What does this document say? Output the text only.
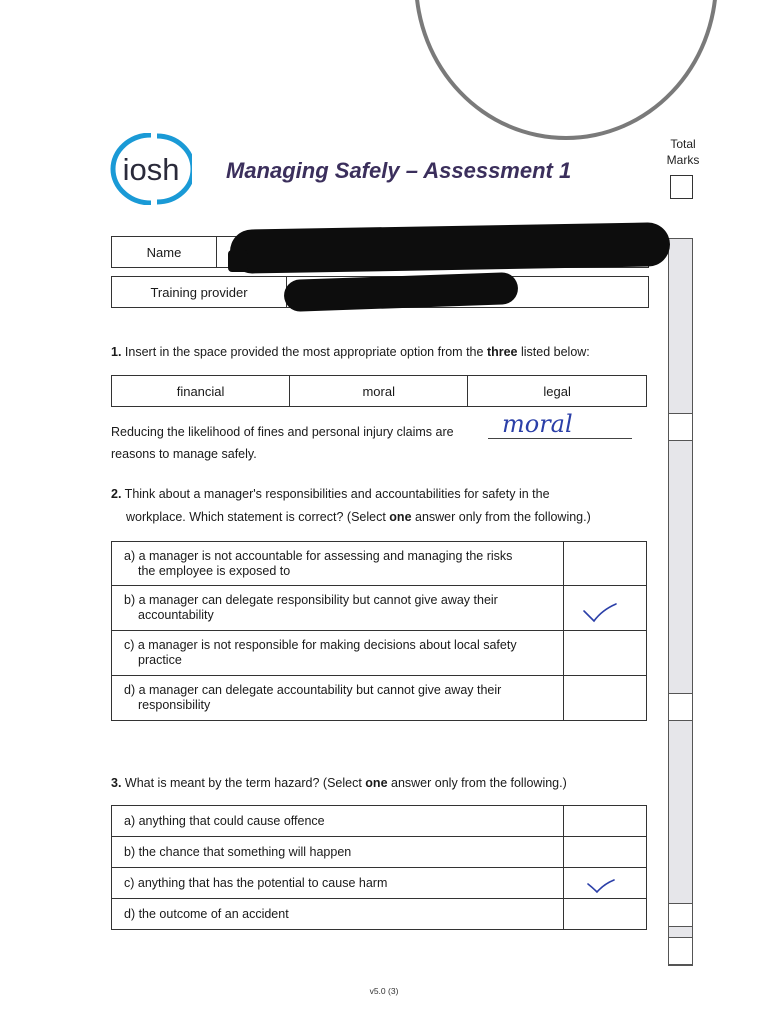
iosh Managing Safely – Assessment 1
Total
Marks
Name		
Training provider	
1. Insert in the space provided the most appropriate option from the three listed below:
financial	moral	legal
Reducing the likelihood of fines and personal injury claims are moral
reasons to manage safely.
2. Think about a manager's responsibilities and accountabilities for safety in the
workplace. Which statement is correct? (Select one answer only from the following.)
a) a manager is not accountable for assessing and managing the risks
the employee is exposed to	

b) a manager can delegate responsibility but cannot give away their
accountability

c) a manager is not responsible for making decisions about local safety
practice	

d) a manager can delegate accountability but cannot give away their
responsibility	

3. What is meant by the term hazard? (Select one answer only from the following.)
a) anything that could cause offence	
b) the chance that something will happen	
c) anything that has the potential to cause harm	

d) the outcome of an accident	
v5.0 (3)
